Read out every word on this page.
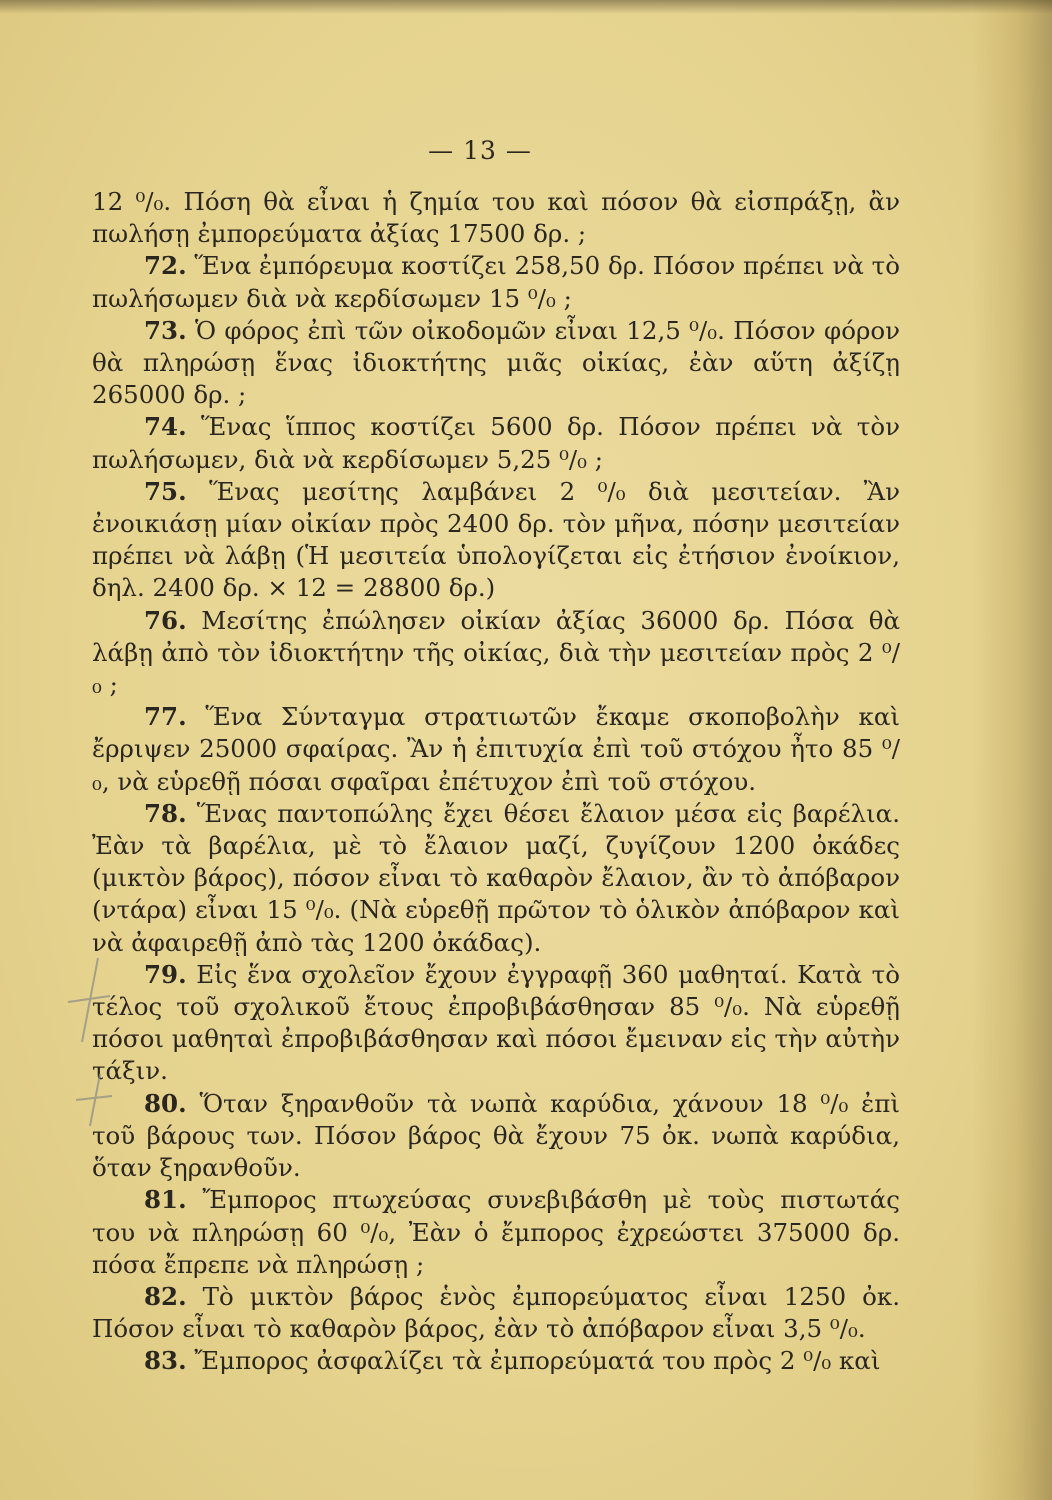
— 13 —

12 ⁰/₀. Πόση θὰ εἶναι ἡ ζημία του καὶ πόσον θὰ εἰσπράξῃ, ἂν πωλήσῃ ἐμπορεύματα ἀξίας 17500 δρ. ;

72. Ἕνα ἐμπόρευμα κοστίζει 258,50 δρ. Πόσον πρέπει νὰ τὸ πωλήσωμεν διὰ νὰ κερδίσωμεν 15 ⁰/₀ ;

73. Ὁ φόρος ἐπὶ τῶν οἰκοδομῶν εἶναι 12,5 ⁰/₀. Πόσον φόρον θὰ πληρώσῃ ἕνας ἰδιοκτήτης μιᾶς οἰκίας, ἐὰν αὕτη ἀξίζῃ 265000 δρ. ;

74. Ἕνας ἵππος κοστίζει 5600 δρ. Πόσον πρέπει νὰ τὸν πωλήσωμεν, διὰ νὰ κερδίσωμεν 5,25 ⁰/₀ ;

75. Ἕνας μεσίτης λαμβάνει 2 ⁰/₀ διὰ μεσιτείαν. Ἂν ἐνοικιάσῃ μίαν οἰκίαν πρὸς 2400 δρ. τὸν μῆνα, πόσην μεσιτείαν πρέπει νὰ λάβῃ (Ἡ μεσιτεία ὑπολογίζεται εἰς ἐτήσιον ἐνοίκιον, δηλ. 2400 δρ. × 12 = 28800 δρ.)

76. Μεσίτης ἐπώλησεν οἰκίαν ἀξίας 36000 δρ. Πόσα θὰ λάβῃ ἀπὸ τὸν ἰδιοκτήτην τῆς οἰκίας, διὰ τὴν μεσιτείαν πρὸς 2 ⁰/₀ ;

77. Ἕνα Σύνταγμα στρατιωτῶν ἔκαμε σκοποβολὴν καὶ ἔρριψεν 25000 σφαίρας. Ἂν ἡ ἐπιτυχία ἐπὶ τοῦ στόχου ἦτο 85 ⁰/₀, νὰ εὑρεθῇ πόσαι σφαῖραι ἐπέτυχον ἐπὶ τοῦ στόχου.

78. Ἕνας παντοπώλης ἔχει θέσει ἔλαιον μέσα εἰς βαρέλια. Ἐὰν τὰ βαρέλια, μὲ τὸ ἔλαιον μαζί, ζυγίζουν 1200 ὀκάδες (μικτὸν βάρος), πόσον εἶναι τὸ καθαρὸν ἔλαιον, ἂν τὸ ἀπόβαρον (ντάρα) εἶναι 15 ⁰/₀. (Νὰ εὑρεθῇ πρῶτον τὸ ὁλικὸν ἀπόβαρον καὶ νὰ ἀφαιρεθῇ ἀπὸ τὰς 1200 ὀκάδας).

79. Εἰς ἕνα σχολεῖον ἔχουν ἐγγραφῇ 360 μαθηταί. Κατὰ τὸ τέλος τοῦ σχολικοῦ ἔτους ἐπροβιβάσθησαν 85 ⁰/₀. Νὰ εὑρεθῇ πόσοι μαθηταὶ ἐπροβιβάσθησαν καὶ πόσοι ἔμειναν εἰς τὴν αὐτὴν τάξιν.

80. Ὅταν ξηρανθοῦν τὰ νωπὰ καρύδια, χάνουν 18 ⁰/₀ ἐπὶ τοῦ βάρους των. Πόσον βάρος θὰ ἔχουν 75 ὀκ. νωπὰ καρύδια, ὅταν ξηρανθοῦν.

81. Ἔμπορος πτωχεύσας συνεβιβάσθη μὲ τοὺς πιστωτάς του νὰ πληρώσῃ 60 ⁰/₀, Ἐὰν ὁ ἔμπορος ἐχρεώστει 375000 δρ. πόσα ἔπρεπε νὰ πληρώσῃ ;

82. Τὸ μικτὸν βάρος ἑνὸς ἐμπορεύματος εἶναι 1250 ὀκ. Πόσον εἶναι τὸ καθαρὸν βάρος, ἐὰν τὸ ἀπόβαρον εἶναι 3,5 ⁰/₀.

83. Ἔμπορος ἀσφαλίζει τὰ ἐμπορεύματά του πρὸς 2 ⁰/₀ καὶ
